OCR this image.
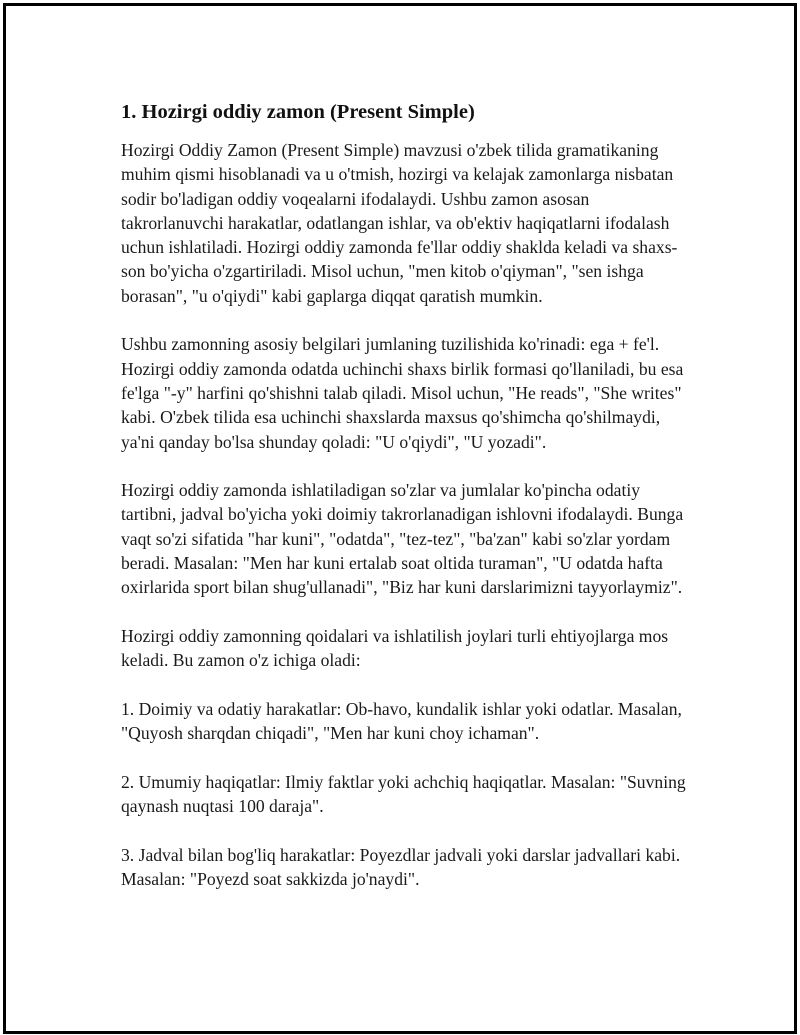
1. Hozirgi oddiy zamon (Present Simple)

Hozirgi Oddiy Zamon (Present Simple) mavzusi o'zbek tilida gramatikaning muhim qismi hisoblanadi va u o'tmish, hozirgi va kelajak zamonlarga nisbatan sodir bo'ladigan oddiy voqealarni ifodalaydi. Ushbu zamon asosan takrorlanuvchi harakatlar, odatlangan ishlar, va ob'ektiv haqiqatlarni ifodalash uchun ishlatiladi. Hozirgi oddiy zamonda fe'llar oddiy shaklda keladi va shaxs-son bo'yicha o'zgartiriladi. Misol uchun, "men kitob o'qiyman", "sen ishga borasan", "u o'qiydi" kabi gaplarga diqqat qaratish mumkin.

Ushbu zamonning asosiy belgilari jumlaning tuzilishida ko'rinadi: ega + fe'l. Hozirgi oddiy zamonda odatda uchinchi shaxs birlik formasi qo'llaniladi, bu esa fe'lga "-y" harfini qo'shishni talab qiladi. Misol uchun, "He reads", "She writes" kabi. O'zbek tilida esa uchinchi shaxslarda maxsus qo'shimcha qo'shilmaydi, ya'ni qanday bo'lsa shunday qoladi: "U o'qiydi", "U yozadi".

Hozirgi oddiy zamonda ishlatiladigan so'zlar va jumlalar ko'pincha odatiy tartibni, jadval bo'yicha yoki doimiy takrorlanadigan ishlovni ifodalaydi. Bunga vaqt so'zi sifatida "har kuni", "odatda", "tez-tez", "ba'zan" kabi so'zlar yordam beradi. Masalan: "Men har kuni ertalab soat oltida turaman", "U odatda hafta oxirlarida sport bilan shug'ullanadi", "Biz har kuni darslarimizni tayyorlaymiz".

Hozirgi oddiy zamonning qoidalari va ishlatilish joylari turli ehtiyojlarga mos keladi. Bu zamon o'z ichiga oladi:

1. Doimiy va odatiy harakatlar: Ob-havo, kundalik ishlar yoki odatlar. Masalan, "Quyosh sharqdan chiqadi", "Men har kuni choy ichaman".

2. Umumiy haqiqatlar: Ilmiy faktlar yoki achchiq haqiqatlar. Masalan: "Suvning qaynash nuqtasi 100 daraja".

3. Jadval bilan bog'liq harakatlar: Poyezdlar jadvali yoki darslar jadvallari kabi. Masalan: "Poyezd soat sakkizda jo'naydi".
